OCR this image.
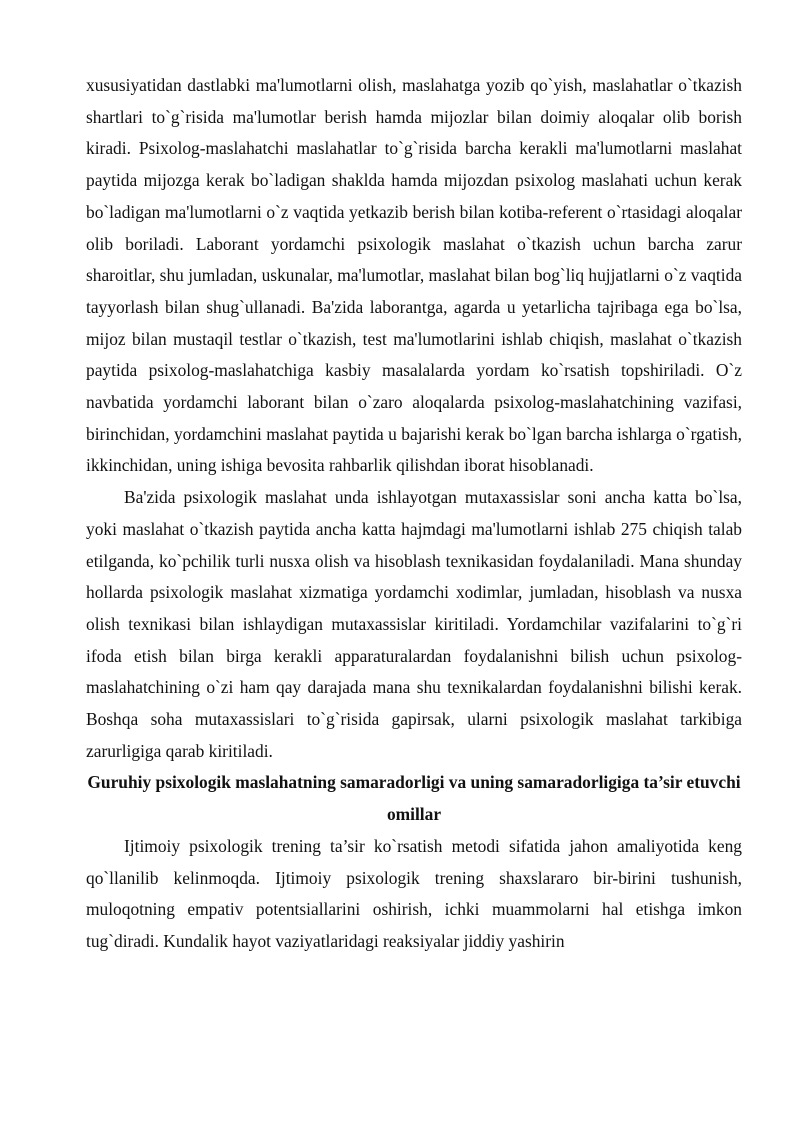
xususiyatidan dastlabki ma'lumotlarni olish, maslahatga yozib qo`yish, maslahatlar o`tkazish shartlari to`g`risida ma'lumotlar berish hamda mijozlar bilan doimiy aloqalar olib borish kiradi. Psixolog-maslahatchi maslahatlar to`g`risida barcha kerakli ma'lumotlarni maslahat paytida mijozga kerak bo`ladigan shaklda hamda mijozdan psixolog maslahati uchun kerak bo`ladigan ma'lumotlarni o`z vaqtida yetkazib berish bilan kotiba-referent o`rtasidagi aloqalar olib boriladi. Laborant yordamchi psixologik maslahat o`tkazish uchun barcha zarur sharoitlar, shu jumladan, uskunalar, ma'lumotlar, maslahat bilan bog`liq hujjatlarni o`z vaqtida tayyorlash bilan shug`ullanadi. Ba'zida laborantga, agarda u yetarlicha tajribaga ega bo`lsa, mijoz bilan mustaqil testlar o`tkazish, test ma'lumotlarini ishlab chiqish, maslahat o`tkazish paytida psixolog-maslahatchiga kasbiy masalalarda yordam ko`rsatish topshiriladi. O`z navbatida yordamchi laborant bilan o`zaro aloqalarda psixolog-maslahatchining vazifasi, birinchidan, yordamchini maslahat paytida u bajarishi kerak bo`lgan barcha ishlarga o`rgatish, ikkinchidan, uning ishiga bevosita rahbarlik qilishdan iborat hisoblanadi.

Ba'zida psixologik maslahat unda ishlayotgan mutaxassislar soni ancha katta bo`lsa, yoki maslahat o`tkazish paytida ancha katta hajmdagi ma'lumotlarni ishlab 275 chiqish talab etilganda, ko`pchilik turli nusxa olish va hisoblash texnikasidan foydalaniladi. Mana shunday hollarda psixologik maslahat xizmatiga yordamchi xodimlar, jumladan, hisoblash va nusxa olish texnikasi bilan ishlaydigan mutaxassislar kiritiladi. Yordamchilar vazifalarini to`g`ri ifoda etish bilan birga kerakli apparaturalardan foydalanishni bilish uchun psixolog-maslahatchining o`zi ham qay darajada mana shu texnikalardan foydalanishni bilishi kerak. Boshqa soha mutaxassislari to`g`risida gapirsak, ularni psixologik maslahat tarkibiga zarurligiga qarab kiritiladi.

Guruhiy psixologik maslahatning samaradorligi va uning samaradorligiga ta’sir etuvchi omillar

Ijtimoiy psixologik trening ta’sir ko`rsatish metodi sifatida jahon amaliyotida keng qo`llanilib kelinmoqda. Ijtimoiy psixologik trening shaxslararo bir-birini tushunish, muloqotning empativ potentsiallarini oshirish, ichki muammolarni hal etishga imkon tug`diradi. Kundalik hayot vaziyatlaridagi reaksiyalar jiddiy yashirin
